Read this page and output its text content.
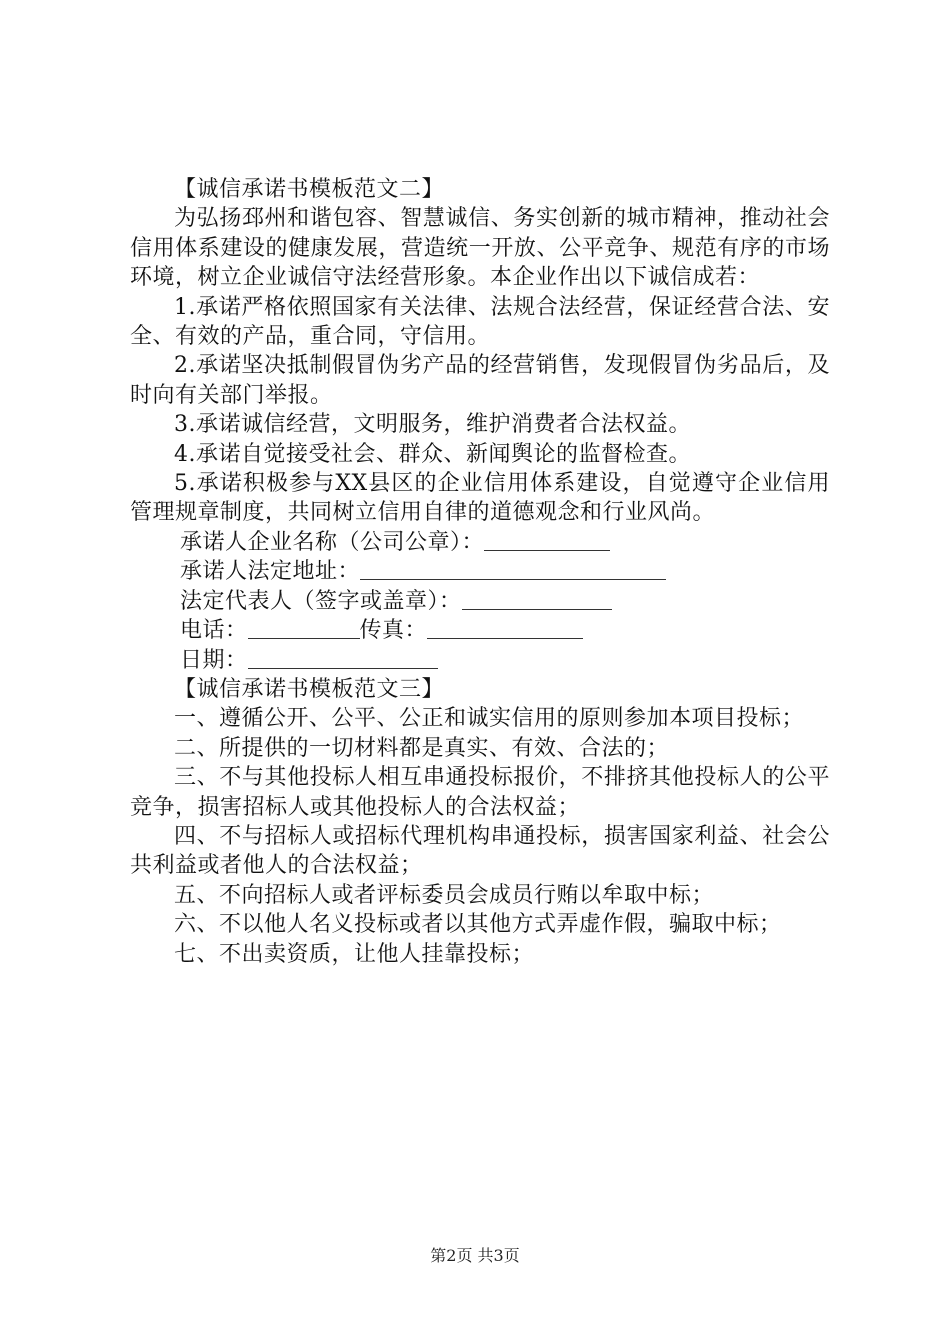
【诚信承诺书模板范文二】

为弘扬邳州和谐包容、智慧诚信、务实创新的城市精神，推动社会信用体系建设的健康发展，营造统一开放、公平竞争、规范有序的市场环境，树立企业诚信守法经营形象。本企业作出以下诚信成若：

1.承诺严格依照国家有关法律、法规合法经营，保证经营合法、安全、有效的产品，重合同，守信用。

2.承诺坚决抵制假冒伪劣产品的经营销售，发现假冒伪劣品后，及时向有关部门举报。

3.承诺诚信经营，文明服务，维护消费者合法权益。

4.承诺自觉接受社会、群众、新闻舆论的监督检查。

5.承诺积极参与XX县区的企业信用体系建设，自觉遵守企业信用管理规章制度，共同树立信用自律的道德观念和行业风尚。

承诺人企业名称（公司公章）：

承诺人法定地址：

法定代表人（签字或盖章）：

电话：	传真：

日期：

【诚信承诺书模板范文三】

一、遵循公开、公平、公正和诚实信用的原则参加本项目投标；

二、所提供的一切材料都是真实、有效、合法的；

三、不与其他投标人相互串通投标报价，不排挤其他投标人的公平竞争，损害招标人或其他投标人的合法权益；

四、不与招标人或招标代理机构串通投标，损害国家利益、社会公共利益或者他人的合法权益；

五、不向招标人或者评标委员会成员行贿以牟取中标；

六、不以他人名义投标或者以其他方式弄虚作假，骗取中标；

七、不出卖资质，让他人挂靠投标；

第2页 共3页
